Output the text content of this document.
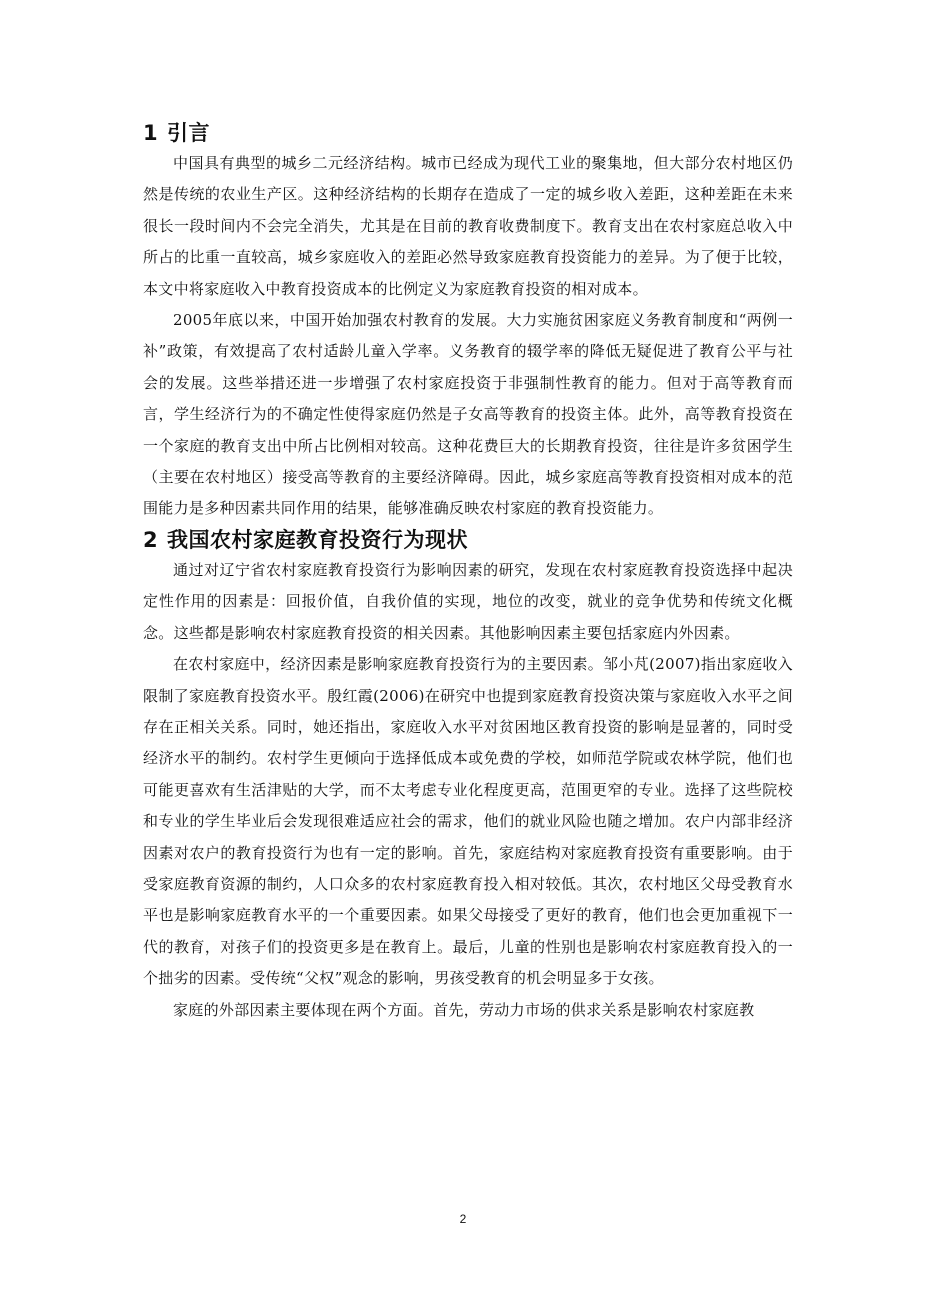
1 引言

中国具有典型的城乡二元经济结构。城市已经成为现代工业的聚集地，但大部分农村地区仍然是传统的农业生产区。这种经济结构的长期存在造成了一定的城乡收入差距，这种差距在未来很长一段时间内不会完全消失，尤其是在目前的教育收费制度下。教育支出在农村家庭总收入中所占的比重一直较高，城乡家庭收入的差距必然导致家庭教育投资能力的差异。为了便于比较，本文中将家庭收入中教育投资成本的比例定义为家庭教育投资的相对成本。

2005年底以来，中国开始加强农村教育的发展。大力实施贫困家庭义务教育制度和“两例一补”政策，有效提高了农村适龄儿童入学率。义务教育的辍学率的降低无疑促进了教育公平与社会的发展。这些举措还进一步增强了农村家庭投资于非强制性教育的能力。但对于高等教育而言，学生经济行为的不确定性使得家庭仍然是子女高等教育的投资主体。此外，高等教育投资在一个家庭的教育支出中所占比例相对较高。这种花费巨大的长期教育投资，往往是许多贫困学生（主要在农村地区）接受高等教育的主要经济障碍。因此，城乡家庭高等教育投资相对成本的范围能力是多种因素共同作用的结果，能够准确反映农村家庭的教育投资能力。

2 我国农村家庭教育投资行为现状

通过对辽宁省农村家庭教育投资行为影响因素的研究，发现在农村家庭教育投资选择中起决定性作用的因素是：回报价值，自我价值的实现，地位的改变，就业的竞争优势和传统文化概念。这些都是影响农村家庭教育投资的相关因素。其他影响因素主要包括家庭内外因素。

在农村家庭中，经济因素是影响家庭教育投资行为的主要因素。邹小芃(2007)指出家庭收入限制了家庭教育投资水平。殷红霞(2006)在研究中也提到家庭教育投资决策与家庭收入水平之间存在正相关关系。同时，她还指出，家庭收入水平对贫困地区教育投资的影响是显著的，同时受经济水平的制约。农村学生更倾向于选择低成本或免费的学校，如师范学院或农林学院，他们也可能更喜欢有生活津贴的大学，而不太考虑专业化程度更高，范围更窄的专业。选择了这些院校和专业的学生毕业后会发现很难适应社会的需求，他们的就业风险也随之增加。农户内部非经济因素对农户的教育投资行为也有一定的影响。首先，家庭结构对家庭教育投资有重要影响。由于受家庭教育资源的制约，人口众多的农村家庭教育投入相对较低。其次，农村地区父母受教育水平也是影响家庭教育水平的一个重要因素。如果父母接受了更好的教育，他们也会更加重视下一代的教育，对孩子们的投资更多是在教育上。最后，儿童的性别也是影响农村家庭教育投入的一个拙劣的因素。受传统“父权”观念的影响，男孩受教育的机会明显多于女孩。

家庭的外部因素主要体现在两个方面。首先，劳动力市场的供求关系是影响农村家庭教

2
